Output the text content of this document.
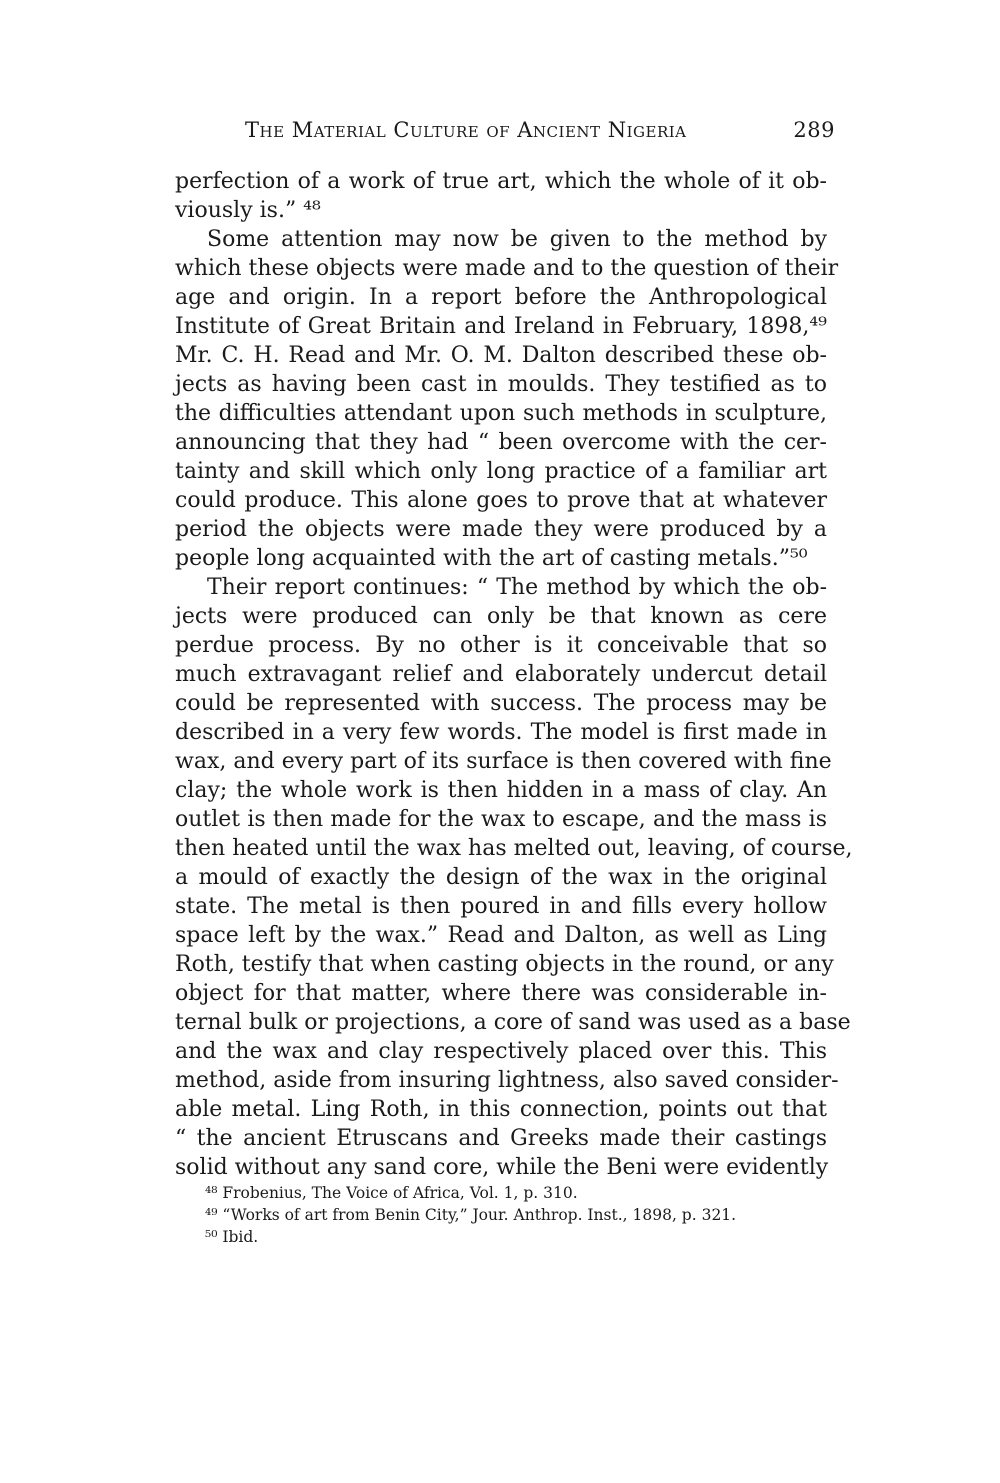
The Material Culture of Ancient Nigeria	289
perfection of a work of true art, which the whole of it ob-
viously is.” ⁴⁸
Some attention may now be given to the method by
which these objects were made and to the question of their
age and origin. In a report before the Anthropological
Institute of Great Britain and Ireland in February, 1898,⁴⁹
Mr. C. H. Read and Mr. O. M. Dalton described these ob-
jects as having been cast in moulds. They testified as to
the difficulties attendant upon such methods in sculpture,
announcing that they had “ been overcome with the cer-
tainty and skill which only long practice of a familiar art
could produce. This alone goes to prove that at whatever
period the objects were made they were produced by a
people long acquainted with the art of casting metals.”⁵⁰
Their report continues: “ The method by which the ob-
jects were produced can only be that known as cere
perdue process. By no other is it conceivable that so
much extravagant relief and elaborately undercut detail
could be represented with success. The process may be
described in a very few words. The model is first made in
wax, and every part of its surface is then covered with fine
clay; the whole work is then hidden in a mass of clay. An
outlet is then made for the wax to escape, and the mass is
then heated until the wax has melted out, leaving, of course,
a mould of exactly the design of the wax in the original
state. The metal is then poured in and fills every hollow
space left by the wax.” Read and Dalton, as well as Ling
Roth, testify that when casting objects in the round, or any
object for that matter, where there was considerable in-
ternal bulk or projections, a core of sand was used as a base
and the wax and clay respectively placed over this. This
method, aside from insuring lightness, also saved consider-
able metal. Ling Roth, in this connection, points out that
“ the ancient Etruscans and Greeks made their castings
solid without any sand core, while the Beni were evidently
⁴⁸ Frobenius, The Voice of Africa, Vol. 1, p. 310.
⁴⁹ “Works of art from Benin City,” Jour. Anthrop. Inst., 1898, p. 321.
⁵⁰ Ibid.
